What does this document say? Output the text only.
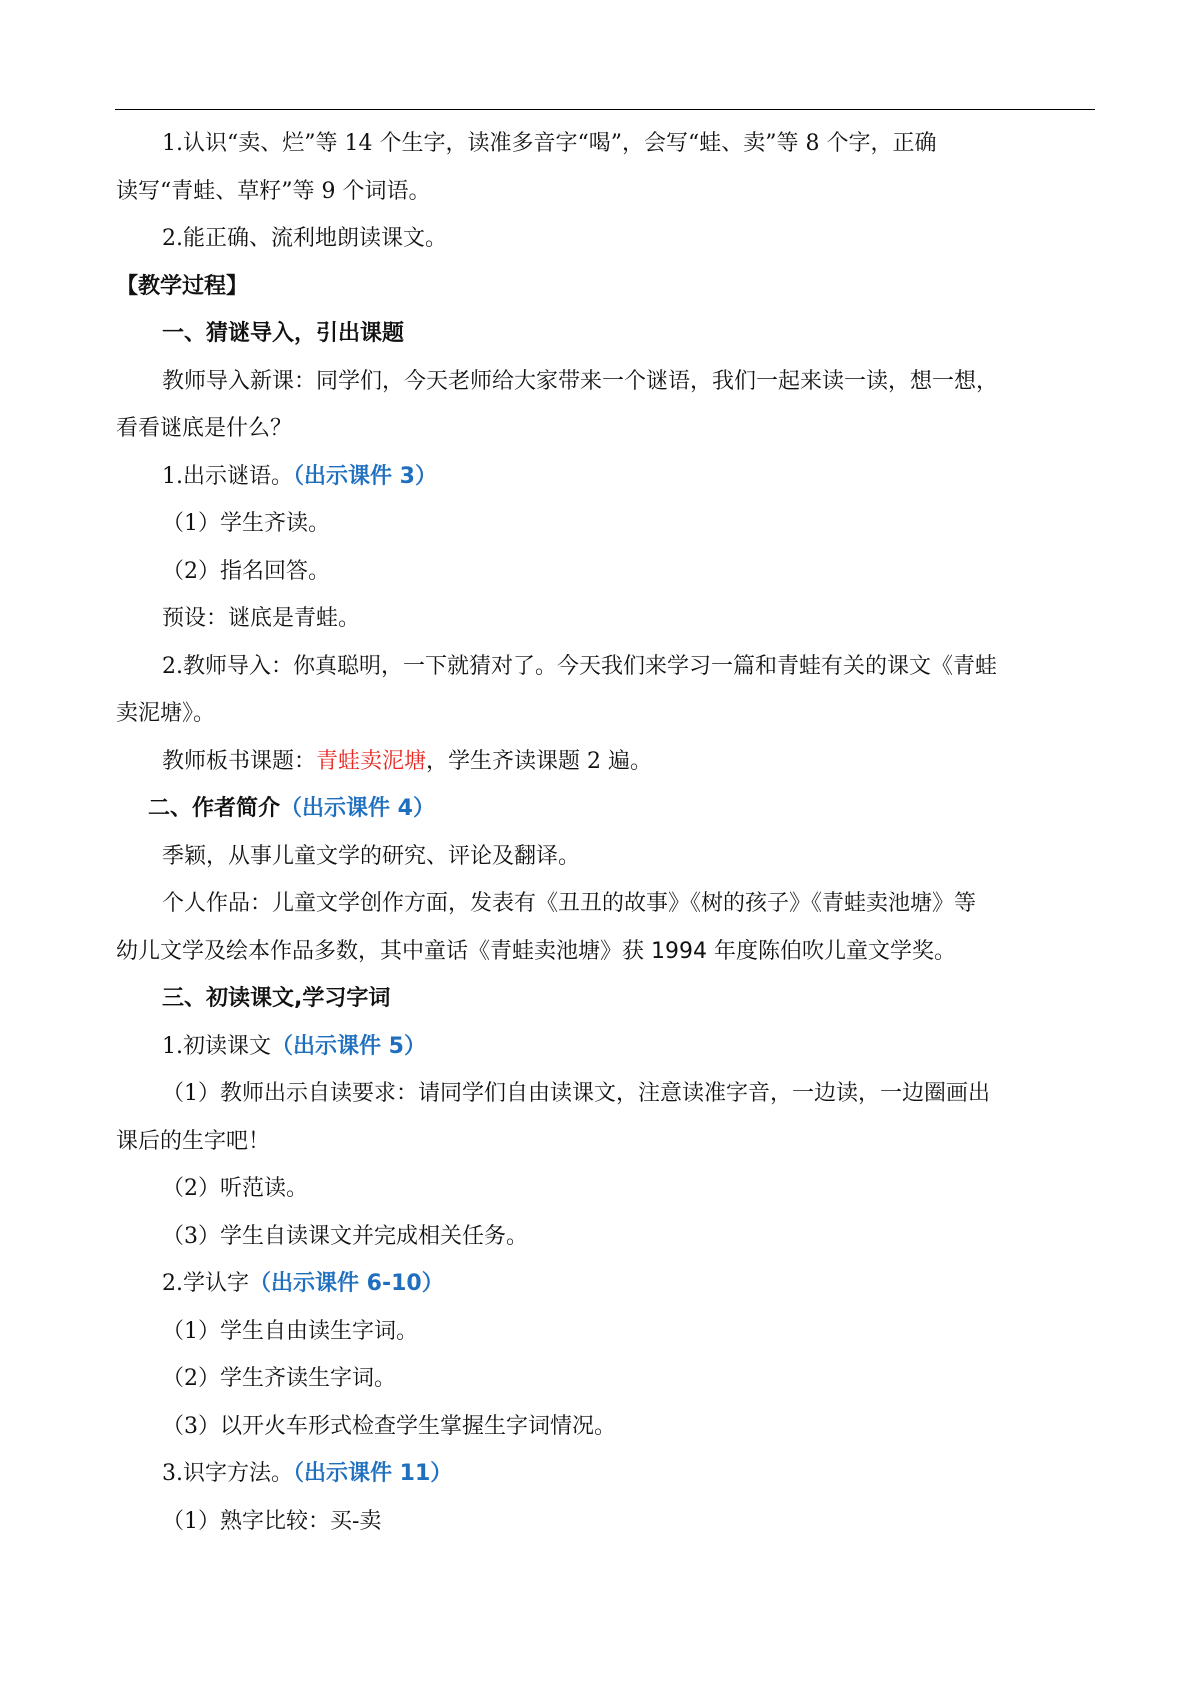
1.认识“卖、烂”等 14 个生字，读准多音字“喝”，会写“蛙、卖”等 8 个字，正确

读写“青蛙、草籽”等 9 个词语。

2.能正确、流利地朗读课文。

【教学过程】

一、猜谜导入，引出课题

教师导入新课：同学们，今天老师给大家带来一个谜语，我们一起来读一读，想一想，

看看谜底是什么？

1.出示谜语。（出示课件 3）

（1）学生齐读。

（2）指名回答。

预设：谜底是青蛙。

2.教师导入：你真聪明，一下就猜对了。今天我们来学习一篇和青蛙有关的课文《青蛙

卖泥塘》。

教师板书课题：青蛙卖泥塘，学生齐读课题 2 遍。

二、作者简介（出示课件 4）

季颖，从事儿童文学的研究、评论及翻译。

个人作品：儿童文学创作方面，发表有《丑丑的故事》《树的孩子》《青蛙卖池塘》等

幼儿文学及绘本作品多数，其中童话《青蛙卖池塘》获 1994 年度陈伯吹儿童文学奖。

三、初读课文,学习字词

1.初读课文（出示课件 5）

（1）教师出示自读要求：请同学们自由读课文，注意读准字音，一边读，一边圈画出

课后的生字吧！

（2）听范读。

（3）学生自读课文并完成相关任务。

2.学认字（出示课件 6-10）

（1）学生自由读生字词。

（2）学生齐读生字词。

（3）以开火车形式检查学生掌握生字词情况。

3.识字方法。（出示课件 11）

（1）熟字比较：买-卖
